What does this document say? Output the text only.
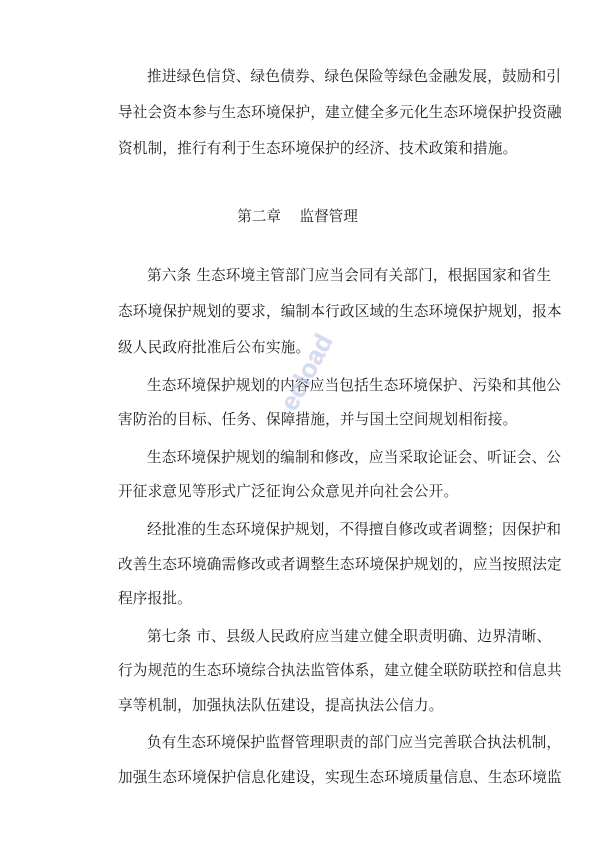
推进绿色信贷、绿色债券、绿色保险等绿色金融发展，鼓励和引
导社会资本参与生态环境保护，建立健全多元化生态环境保护投资融
资机制，推行有利于生态环境保护的经济、技术政策和措施。
第二章    监督管理
第六条 生态环境主管部门应当会同有关部门，根据国家和省生
态环境保护规划的要求，编制本行政区域的生态环境保护规划，报本
级人民政府批准后公布实施。
生态环境保护规划的内容应当包括生态环境保护、污染和其他公
害防治的目标、任务、保障措施，并与国土空间规划相衔接。
生态环境保护规划的编制和修改，应当采取论证会、听证会、公
开征求意见等形式广泛征询公众意见并向社会公开。
经批准的生态环境保护规划，不得擅自修改或者调整；因保护和
改善生态环境确需修改或者调整生态环境保护规划的，应当按照法定
程序报批。
第七条 市、县级人民政府应当建立健全职责明确、边界清晰、
行为规范的生态环境综合执法监管体系，建立健全联防联控和信息共
享等机制，加强执法队伍建设，提高执法公信力。
负有生态环境保护监督管理职责的部门应当完善联合执法机制，
加强生态环境保护信息化建设，实现生态环境质量信息、生态环境监
ecload
